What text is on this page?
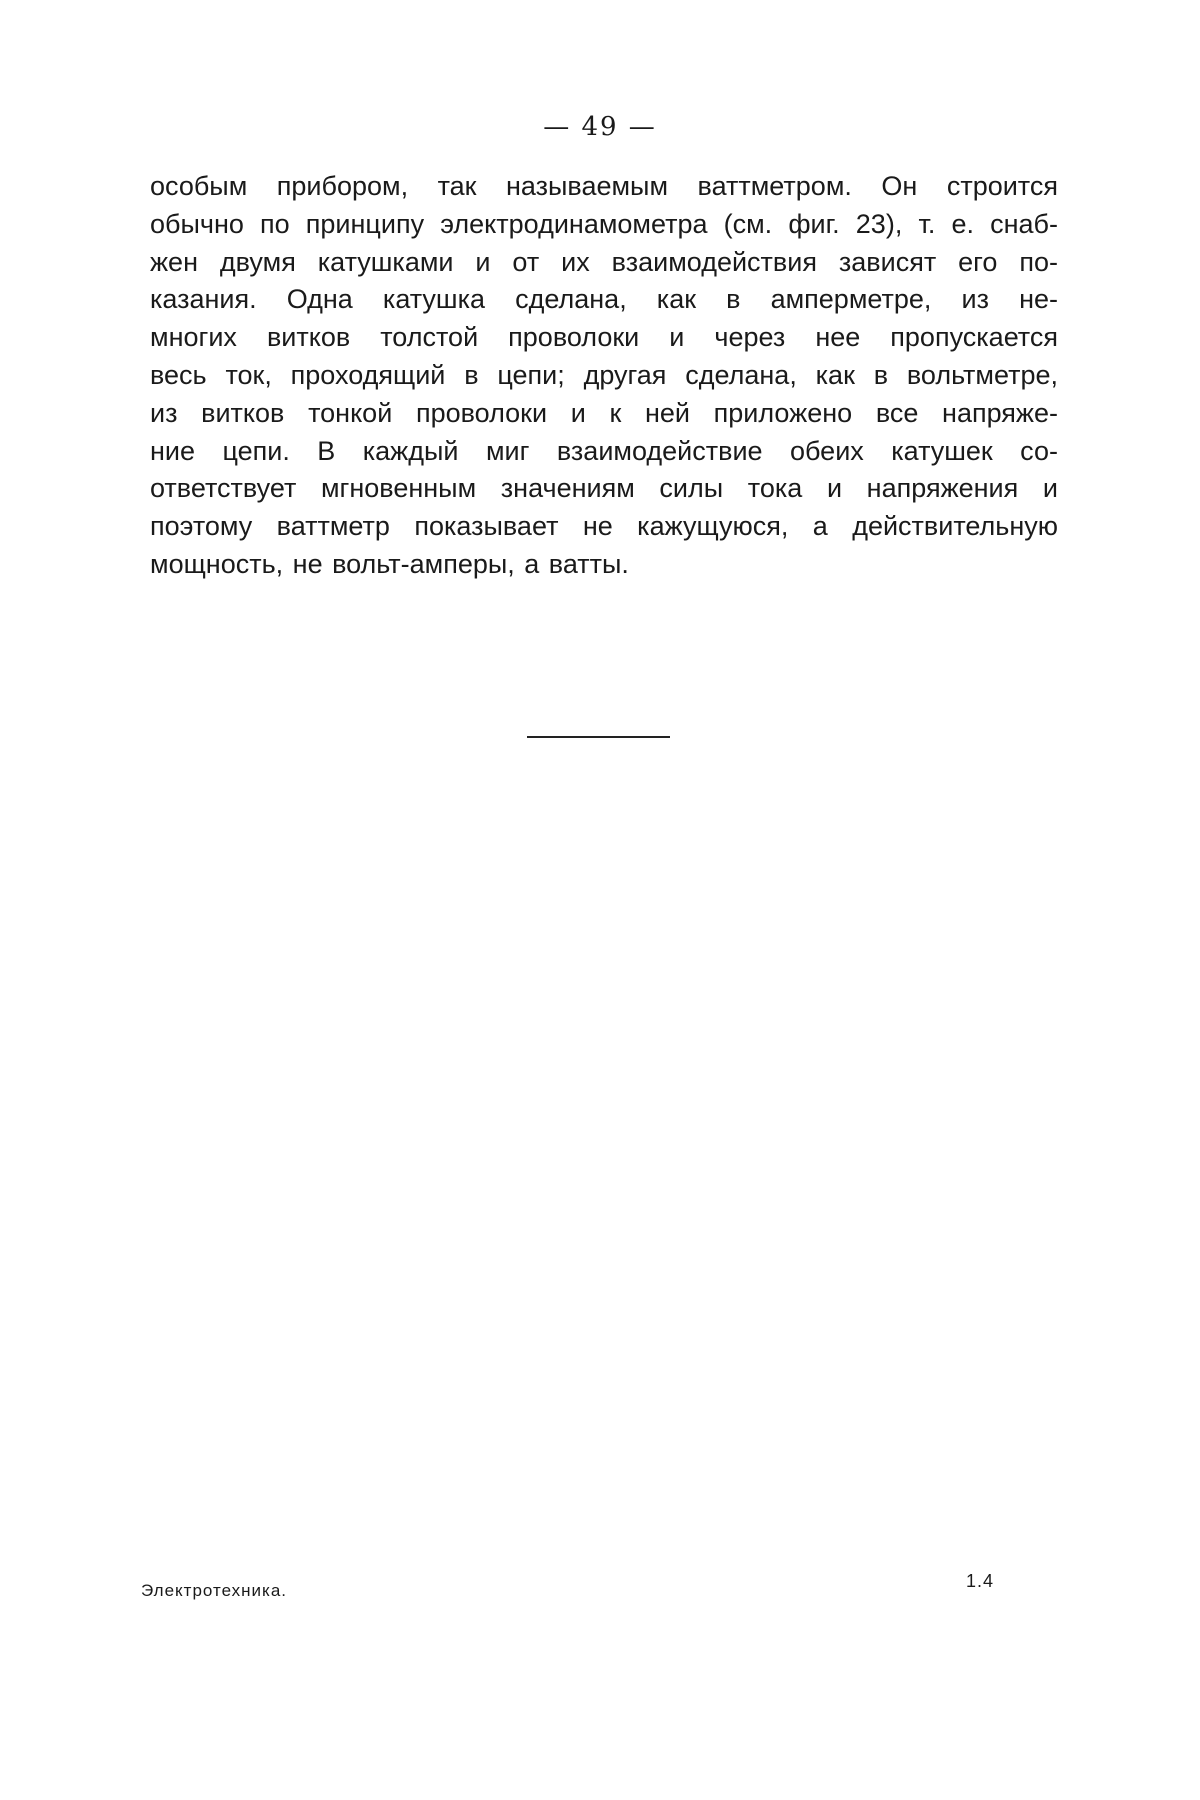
— 49 —
особым прибором, так называемым ваттметром. Он строится
обычно по принципу электродинамометра (см. фиг. 23), т. е. снаб-
жен двумя катушками и от их взаимодействия зависят его по-
казания. Одна катушка сделана, как в амперметре, из не-
многих витков толстой проволоки и через нее пропускается
весь ток, проходящий в цепи; другая сделана, как в вольтметре,
из витков тонкой проволоки и к ней приложено все напряже-
ние цепи. В каждый миг взаимодействие обеих катушек со-
ответствует мгновенным значениям силы тока и напряжения и
поэтому ваттметр показывает не кажущуюся, а действительную
мощность, не вольт-амперы, а ватты.
Электротехника.	1.4
